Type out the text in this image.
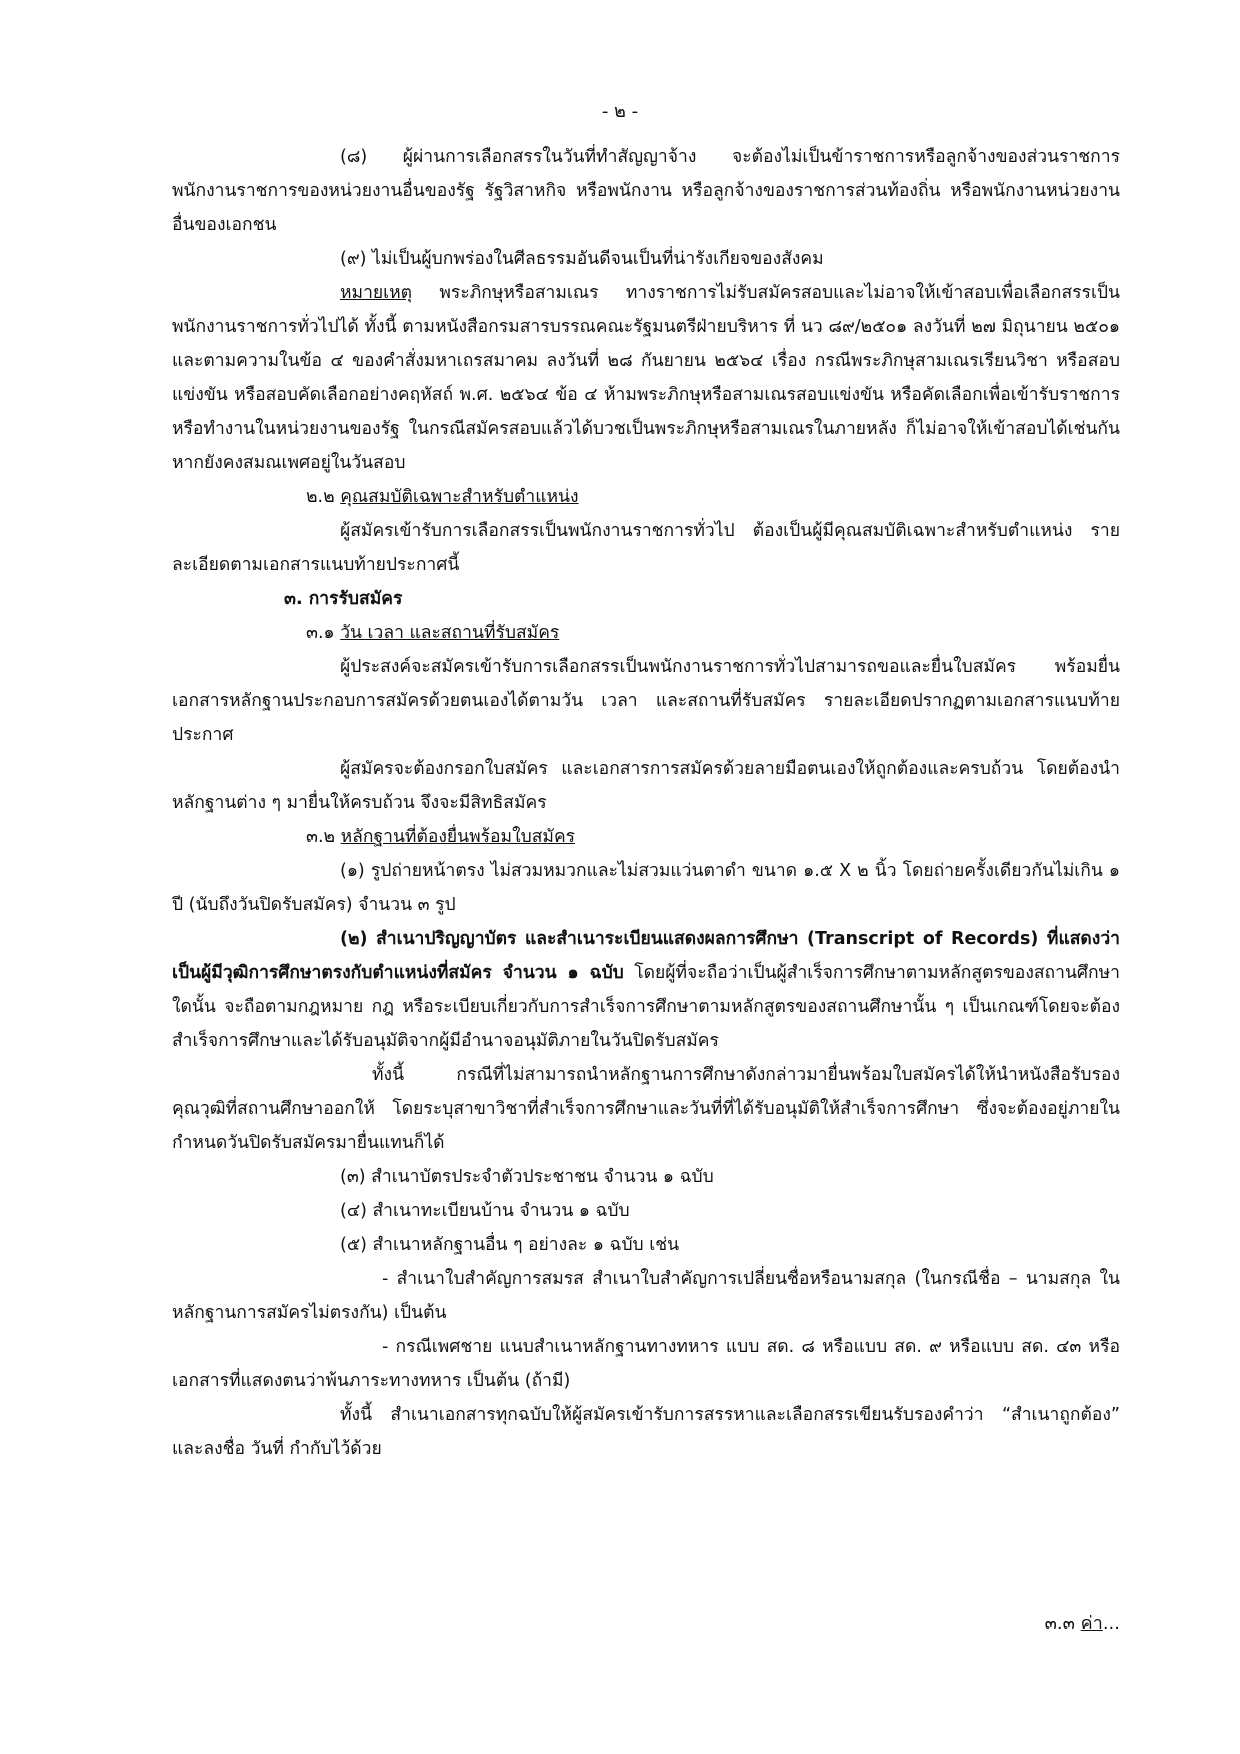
- ๒ -

(๘) ผู้ผ่านการเลือกสรรในวันที่ทำสัญญาจ้าง จะต้องไม่เป็นข้าราชการหรือลูกจ้างของส่วนราชการ พนักงานราชการของหน่วยงานอื่นของรัฐ รัฐวิสาหกิจ หรือพนักงาน หรือลูกจ้างของราชการส่วนท้องถิ่น หรือพนักงานหน่วยงานอื่นของเอกชน

(๙) ไม่เป็นผู้บกพร่องในศีลธรรมอันดีจนเป็นที่น่ารังเกียจของสังคม

หมายเหตุ พระภิกษุหรือสามเณร ทางราชการไม่รับสมัครสอบและไม่อาจให้เข้าสอบเพื่อเลือกสรรเป็นพนักงานราชการทั่วไปได้ ทั้งนี้ ตามหนังสือกรมสารบรรณคณะรัฐมนตรีฝ่ายบริหาร ที่ นว ๘๙/๒๕๐๑ ลงวันที่ ๒๗ มิถุนายน ๒๕๐๑ และตามความในข้อ ๔ ของคำสั่งมหาเถรสมาคม ลงวันที่ ๒๘ กันยายน ๒๕๖๔ เรื่อง กรณีพระภิกษุสามเณรเรียนวิชา หรือสอบแข่งขัน หรือสอบคัดเลือกอย่างคฤหัสถ์ พ.ศ. ๒๕๖๔ ข้อ ๔ ห้ามพระภิกษุหรือสามเณรสอบแข่งขัน หรือคัดเลือกเพื่อเข้ารับราชการหรือทำงานในหน่วยงานของรัฐ ในกรณีสมัครสอบแล้วได้บวชเป็นพระภิกษุหรือสามเณรในภายหลัง ก็ไม่อาจให้เข้าสอบได้เช่นกันหากยังคงสมณเพศอยู่ในวันสอบ

๒.๒ คุณสมบัติเฉพาะสำหรับตำแหน่ง

ผู้สมัครเข้ารับการเลือกสรรเป็นพนักงานราชการทั่วไป ต้องเป็นผู้มีคุณสมบัติเฉพาะสำหรับตำแหน่ง รายละเอียดตามเอกสารแนบท้ายประกาศนี้

๓. การรับสมัคร

๓.๑ วัน เวลา และสถานที่รับสมัคร

ผู้ประสงค์จะสมัครเข้ารับการเลือกสรรเป็นพนักงานราชการทั่วไปสามารถขอและยื่นใบสมัคร พร้อมยื่นเอกสารหลักฐานประกอบการสมัครด้วยตนเองได้ตามวัน เวลา และสถานที่รับสมัคร รายละเอียดปรากฏตามเอกสารแนบท้ายประกาศ

ผู้สมัครจะต้องกรอกใบสมัคร และเอกสารการสมัครด้วยลายมือตนเองให้ถูกต้องและครบถ้วน โดยต้องนำหลักฐานต่าง ๆ มายื่นให้ครบถ้วน จึงจะมีสิทธิสมัคร

๓.๒ หลักฐานที่ต้องยื่นพร้อมใบสมัคร

(๑) รูปถ่ายหน้าตรง ไม่สวมหมวกและไม่สวมแว่นตาดำ ขนาด ๑.๕ X ๒ นิ้ว โดยถ่ายครั้งเดียวกันไม่เกิน ๑ ปี (นับถึงวันปิดรับสมัคร) จำนวน ๓ รูป

(๒) สำเนาปริญญาบัตร และสำเนาระเบียนแสดงผลการศึกษา (Transcript of Records) ที่แสดงว่าเป็นผู้มีวุฒิการศึกษาตรงกับตำแหน่งที่สมัคร จำนวน ๑ ฉบับ โดยผู้ที่จะถือว่าเป็นผู้สำเร็จการศึกษาตามหลักสูตรของสถานศึกษาใดนั้น จะถือตามกฎหมาย กฎ หรือระเบียบเกี่ยวกับการสำเร็จการศึกษาตามหลักสูตรของสถานศึกษานั้น ๆ เป็นเกณฑ์โดยจะต้องสำเร็จการศึกษาและได้รับอนุมัติจากผู้มีอำนาจอนุมัติภายในวันปิดรับสมัคร

ทั้งนี้ กรณีที่ไม่สามารถนำหลักฐานการศึกษาดังกล่าวมายื่นพร้อมใบสมัครได้ให้นำหนังสือรับรองคุณวุฒิที่สถานศึกษาออกให้ โดยระบุสาขาวิชาที่สำเร็จการศึกษาและวันที่ที่ได้รับอนุมัติให้สำเร็จการศึกษา ซึ่งจะต้องอยู่ภายในกำหนดวันปิดรับสมัครมายื่นแทนก็ได้

(๓) สำเนาบัตรประจำตัวประชาชน จำนวน ๑ ฉบับ

(๔) สำเนาทะเบียนบ้าน จำนวน ๑ ฉบับ

(๕) สำเนาหลักฐานอื่น ๆ อย่างละ ๑ ฉบับ เช่น

- สำเนาใบสำคัญการสมรส สำเนาใบสำคัญการเปลี่ยนชื่อหรือนามสกุล (ในกรณีชื่อ – นามสกุล ในหลักฐานการสมัครไม่ตรงกัน) เป็นต้น

- กรณีเพศชาย แนบสำเนาหลักฐานทางทหาร แบบ สด. ๘ หรือแบบ สด. ๙ หรือแบบ สด. ๔๓ หรือเอกสารที่แสดงตนว่าพ้นภาระทางทหาร เป็นต้น (ถ้ามี)

ทั้งนี้ สำเนาเอกสารทุกฉบับให้ผู้สมัครเข้ารับการสรรหาและเลือกสรรเขียนรับรองคำว่า “สำเนาถูกต้อง” และลงชื่อ วันที่ กำกับไว้ด้วย

๓.๓ ค่า...
